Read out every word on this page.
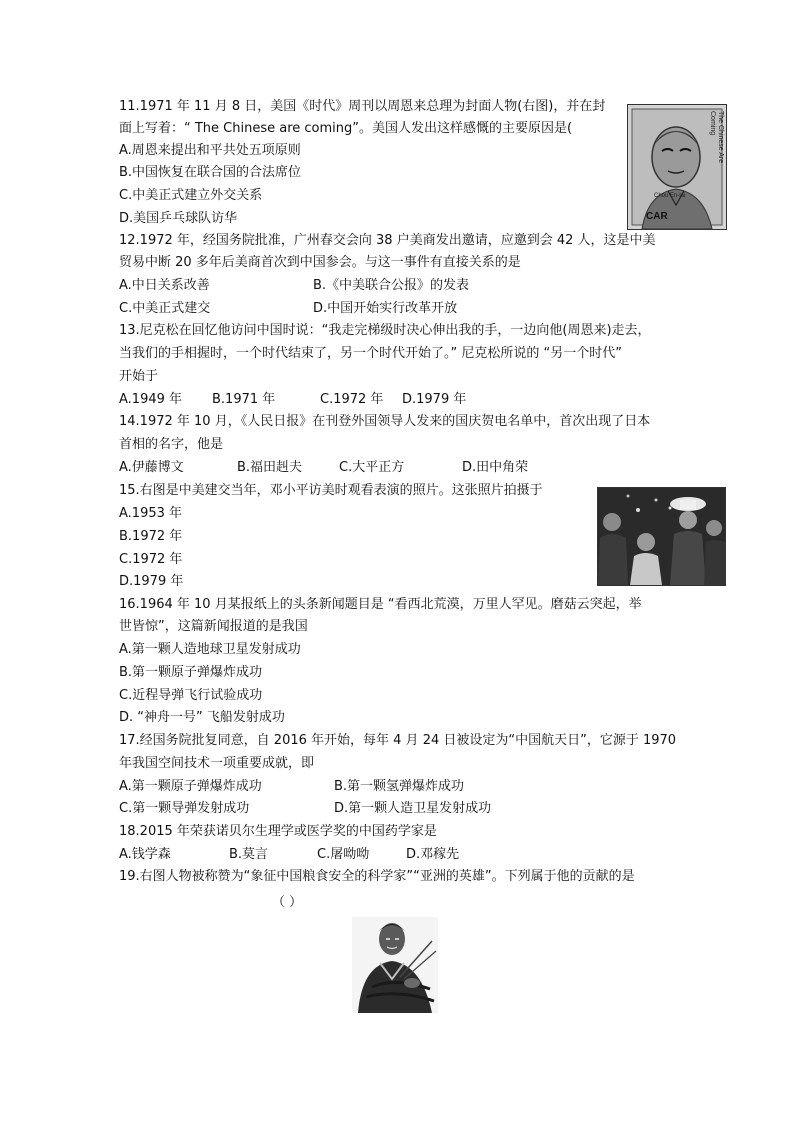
11.1971 年 11 月 8 日，美国《时代》周刊以周恩来总理为封面人物(右图)，并在封
面上写着：“ The Chinese are coming”。美国人发出这样感慨的主要原因是(
A.周恩来提出和平共处五项原则
B.中国恢复在联合国的合法席位
C.中美正式建立外交关系
D.美国乒乓球队访华
The Chinese Are Coming
Chou En-lai
CAR
12.1972 年，经国务院批准，广州春交会向 38 户美商发出邀请，应邀到会 42 人，这是中美
贸易中断 20 多年后美商首次到中国参会。与这一事件有直接关系的是
A.中日关系改善	B.《中美联合公报》的发表
C.中美正式建交	D.中国开始实行改革开放
13.尼克松在回忆他访问中国时说：“我走完梯级时决心伸出我的手，一边向他(周恩来)走去，
当我们的手相握时，一个时代结束了，另一个时代开始了。” 尼克松所说的 “另一个时代”
开始于
A.1949 年 B.1971 年	C.1972 年 D.1979 年
14.1972 年 10 月，《人民日报》在刊登外国领导人发来的国庆贺电名单中，首次出现了日本
首相的名字，他是
A.伊藤博文	B.福田赳夫	C.大平正方	D.田中角荣
15.右图是中美建交当年，邓小平访美时观看表演的照片。这张照片拍摄于
A.1953 年
B.1972 年
C.1972 年
D.1979 年
16.1964 年 10 月某报纸上的头条新闻题目是 “看西北荒漠，万里人罕见。磨菇云突起，举
世皆惊”，这篇新闻报道的是我国
A.第一颗人造地球卫星发射成功
B.第一颗原子弹爆炸成功
C.近程导弹飞行试验成功
D. “神舟一号” 飞船发射成功
17.经国务院批复同意，自 2016 年开始，每年 4 月 24 日被设定为“中国航天日”，它源于 1970
年我国空间技术一项重要成就，即
A.第一颗原子弹爆炸成功	B.第一颗氢弹爆炸成功
C.第一颗导弹发射成功	D.第一颗人造卫星发射成功
18.2015 年荣获诺贝尔生理学或医学奖的中国药学家是
A.钱学森	B.莫言	C.屠呦呦	D.邓稼先
19.右图人物被称赞为“象征中国粮食安全的科学家”“亚洲的英雄”。下列属于他的贡献的是
（ ）
